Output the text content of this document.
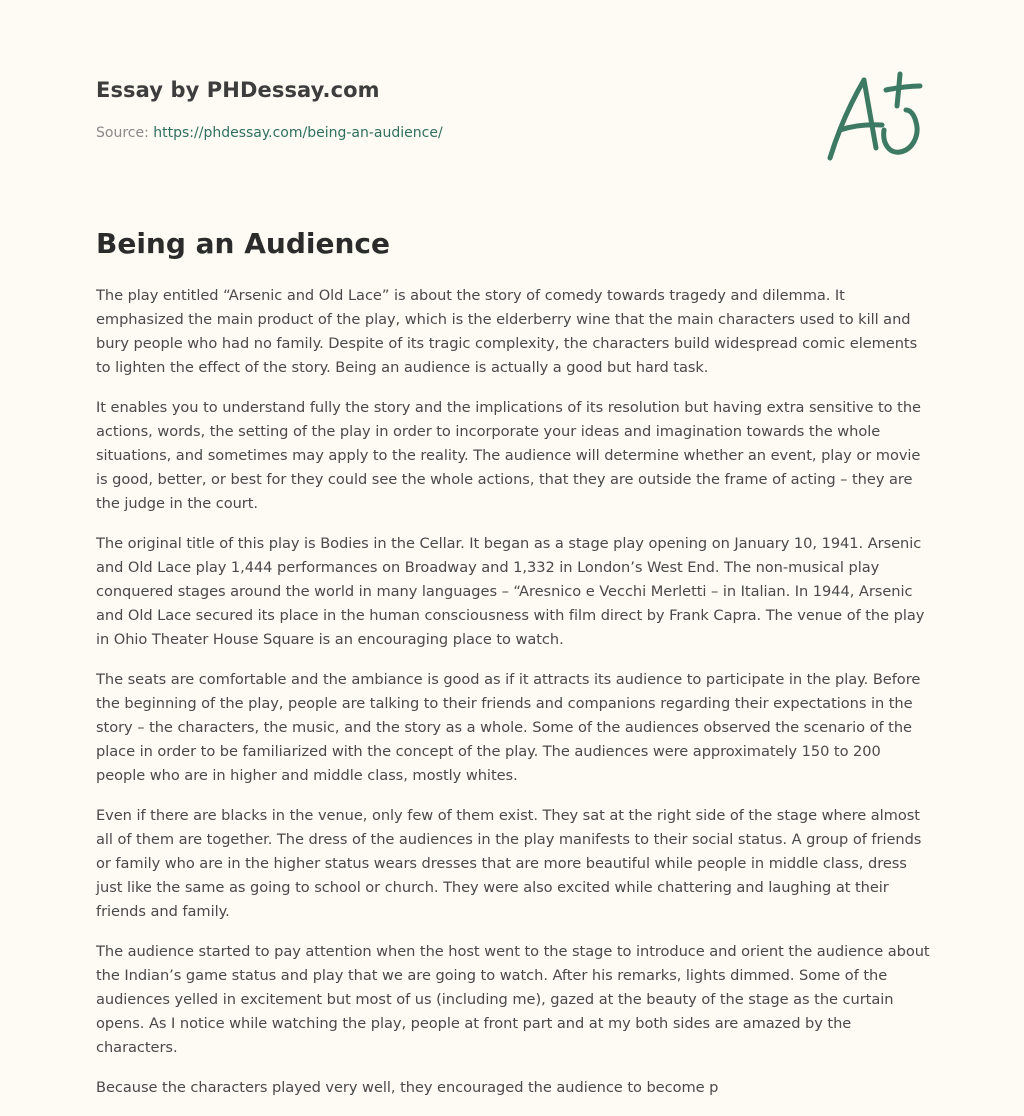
Essay by PHDessay.com
Source: https://phdessay.com/being-an-audience/
Being an Audience

The play entitled “Arsenic and Old Lace” is about the story of comedy towards tragedy and dilemma. It emphasized the main product of the play, which is the elderberry wine that the main characters used to kill and bury people who had no family. Despite of its tragic complexity, the characters build widespread comic elements to lighten the effect of the story. Being an audience is actually a good but hard task.

It enables you to understand fully the story and the implications of its resolution but having extra sensitive to the actions, words, the setting of the play in order to incorporate your ideas and imagination towards the whole situations, and sometimes may apply to the reality. The audience will determine whether an event, play or movie is good, better, or best for they could see the whole actions, that they are outside the frame of acting – they are the judge in the court.

The original title of this play is Bodies in the Cellar. It began as a stage play opening on January 10, 1941. Arsenic and Old Lace play 1,444 performances on Broadway and 1,332 in London’s West End. The non-musical play conquered stages around the world in many languages – “Aresnico e Vecchi Merletti – in Italian. In 1944, Arsenic and Old Lace secured its place in the human consciousness with film direct by Frank Capra. The venue of the play in Ohio Theater House Square is an encouraging place to watch.

The seats are comfortable and the ambiance is good as if it attracts its audience to participate in the play. Before the beginning of the play, people are talking to their friends and companions regarding their expectations in the story – the characters, the music, and the story as a whole. Some of the audiences observed the scenario of the place in order to be familiarized with the concept of the play. The audiences were approximately 150 to 200 people who are in higher and middle class, mostly whites.

Even if there are blacks in the venue, only few of them exist. They sat at the right side of the stage where almost all of them are together. The dress of the audiences in the play manifests to their social status. A group of friends or family who are in the higher status wears dresses that are more beautiful while people in middle class, dress just like the same as going to school or church. They were also excited while chattering and laughing at their friends and family.

The audience started to pay attention when the host went to the stage to introduce and orient the audience about the Indian’s game status and play that we are going to watch. After his remarks, lights dimmed. Some of the audiences yelled in excitement but most of us (including me), gazed at the beauty of the stage as the curtain opens. As I notice while watching the play, people at front part and at my both sides are amazed by the characters.

Because the characters played very well, they encouraged the audience to become p
